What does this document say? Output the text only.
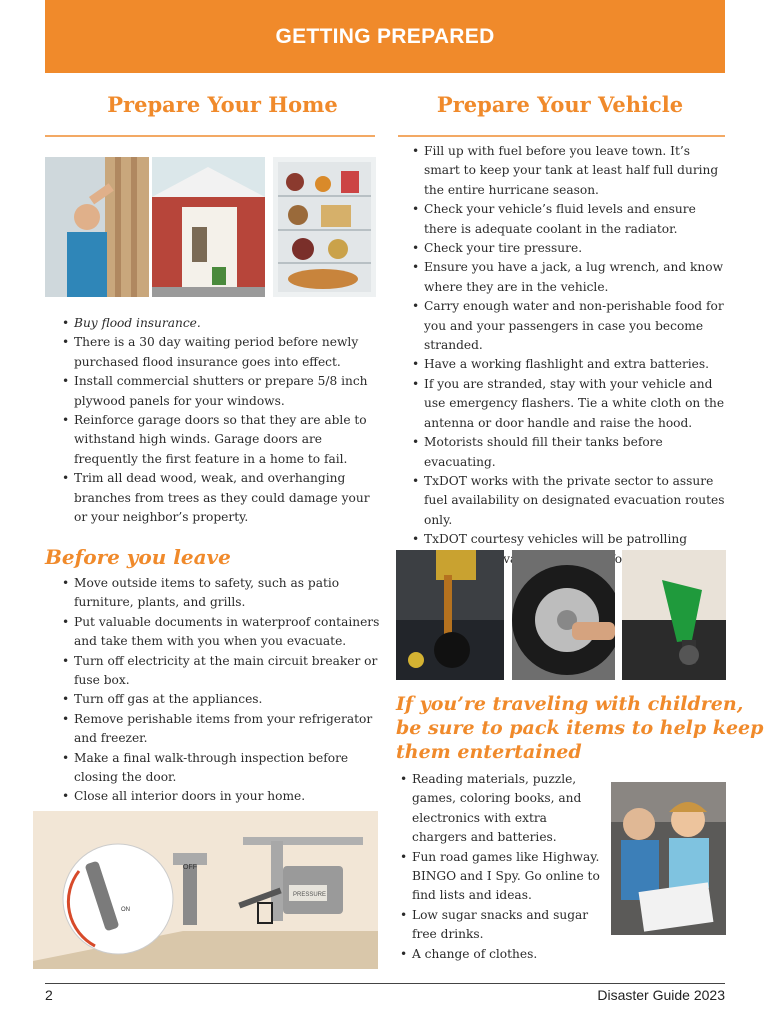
GETTING PREPARED
Prepare Your Home	Prepare Your Vehicle
• Buy flood insurance.
• There is a 30 day waiting period before newly purchased flood insurance goes into effect.
• Install commercial shutters or prepare 5/8 inch plywood panels for your windows.
• Reinforce garage doors so that they are able to withstand high winds. Garage doors are frequently the first feature in a home to fail.
• Trim all dead wood, weak, and overhanging branches from trees as they could damage your or your neighbor’s property.
• Fill up with fuel before you leave town. It’s smart to keep your tank at least half full during the entire hurricane season.
• Check your vehicle’s fluid levels and ensure there is adequate coolant in the radiator.
• Check your tire pressure.
• Ensure you have a jack, a lug wrench, and know where they are in the vehicle.
• Carry enough water and non-perishable food for you and your passengers in case you become stranded.
• Have a working flashlight and extra batteries.
• If you are stranded, stay with your vehicle and use emergency flashers. Tie a white cloth on the antenna or door handle and raise the hood.
• Motorists should fill their tanks before evacuating.
• TxDOT works with the private sector to assure fuel availability on designated evacuation routes only.
• TxDOT courtesy vehicles will be patrolling for
Before you leave
• Move outside items to safety, such as patio furniture, plants, and grills.
• Put valuable documents in waterproof containers and take them with you when you evacuate.
• Turn off electricity at the main circuit breaker or fuse box.
• Turn off gas at the appliances.
• Remove perishable items from your refrigerator and freezer.
• Make a final walk-through inspection before closing the door.
• Close all interior doors in your home.
OFF
ON
PRESSURE
If you’re traveling with children,
be sure to pack items to help keep
them entertained
• Reading materials, puzzle, games, coloring books, and electronics with extra chargers and batteries.
• Fun road games like Highway. BINGO and I Spy. Go online to find lists and ideas.
• Low sugar snacks and sugar free drinks.
• A change of clothes.
2	Disaster Guide 2023
